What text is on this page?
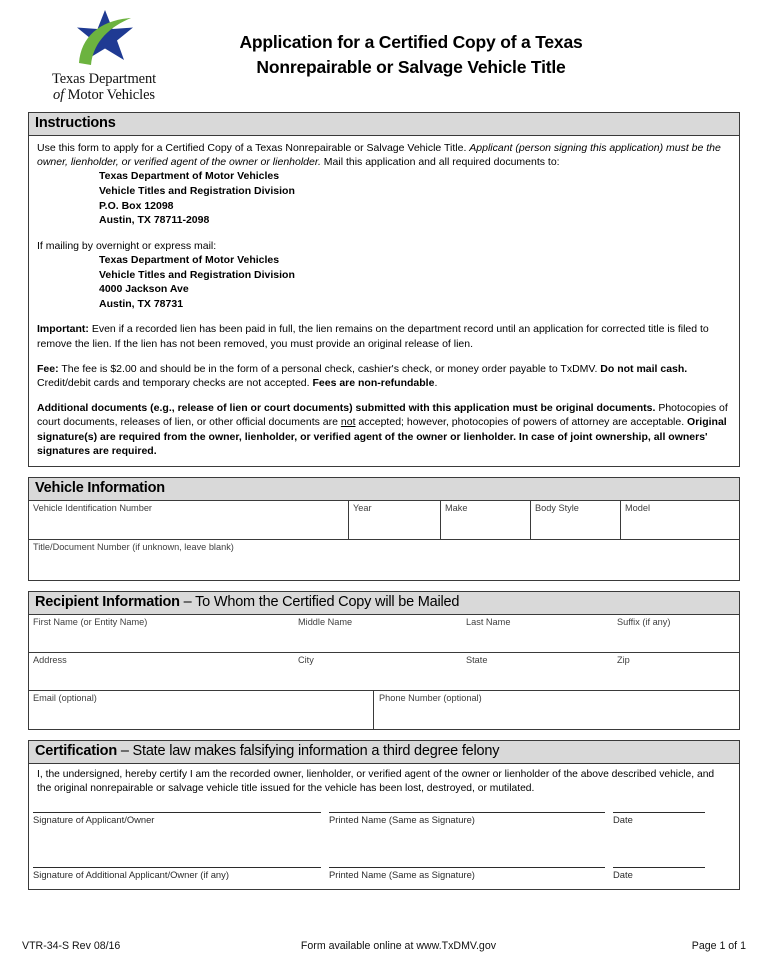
Texas Department
of Motor Vehicles
Application for a Certified Copy of a Texas
Nonrepairable or Salvage Vehicle Title
Instructions

Use this form to apply for a Certified Copy of a Texas Nonrepairable or Salvage Vehicle Title. Applicant (person signing this application) must be the owner, lienholder, or verified agent of the owner or lienholder. Mail this application and all required documents to:

Texas Department of Motor Vehicles
Vehicle Titles and Registration Division
P.O. Box 12098
Austin, TX 78711-2098

If mailing by overnight or express mail:

Texas Department of Motor Vehicles
Vehicle Titles and Registration Division
4000 Jackson Ave
Austin, TX 78731

Important: Even if a recorded lien has been paid in full, the lien remains on the department record until an application for corrected title is filed to remove the lien. If the lien has not been removed, you must provide an original release of lien.

Fee: The fee is $2.00 and should be in the form of a personal check, cashier's check, or money order payable to TxDMV. Do not mail cash. Credit/debit cards and temporary checks are not accepted. Fees are non-refundable.

Additional documents (e.g., release of lien or court documents) submitted with this application must be original documents. Photocopies of court documents, releases of lien, or other official documents are not accepted; however, photocopies of powers of attorney are acceptable. Original signature(s) are required from the owner, lienholder, or verified agent of the owner or lienholder. In case of joint ownership, all owners' signatures are required.

Vehicle Information
Vehicle Identification Number	Year	Make	Body Style	Model
Title/Document Number (if unknown, leave blank)
Recipient Information – To Whom the Certified Copy will be Mailed
First Name (or Entity Name)	Middle Name	Last Name	Suffix (if any)
Address	City	State	Zip
Email (optional)	Phone Number (optional)
Certification – State law makes falsifying information a third degree felony
I, the undersigned, hereby certify I am the recorded owner, lienholder, or verified agent of the owner or lienholder of the above described vehicle, and the original nonrepairable or salvage vehicle title issued for the vehicle has been lost, destroyed, or mutilated.
Signature of Applicant/Owner	Printed Name (Same as Signature)	Date
Signature of Additional Applicant/Owner (if any)	Printed Name (Same as Signature)	Date
VTR-34-S Rev 08/16	Form available online at www.TxDMV.gov	Page 1 of 1
